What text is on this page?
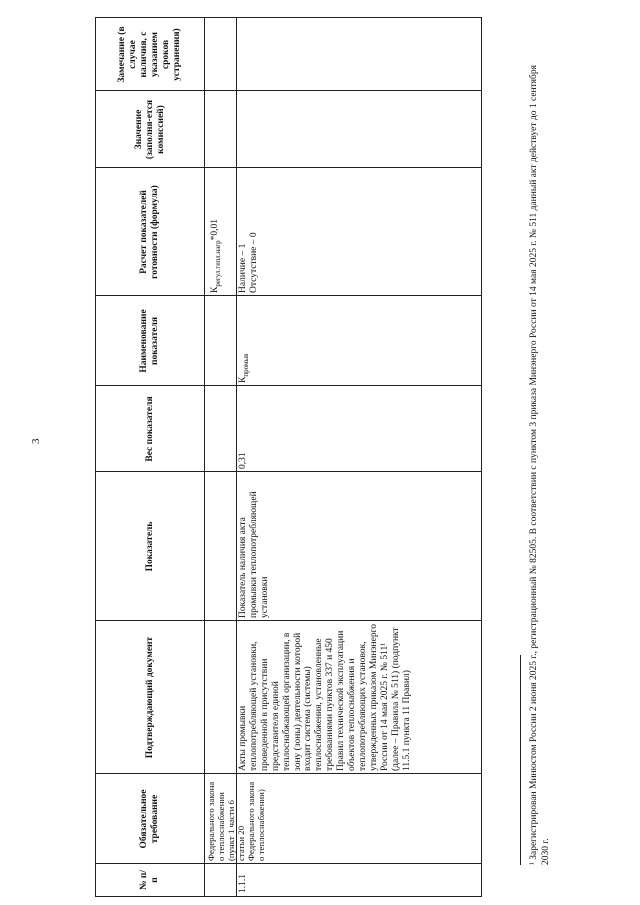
3
№ п/п
Обязательное требование
Подтверждающий документ
Показатель
Вес показателя
Наименование показателя
Расчет показателей готовности (формула)
Значение (заполня-ется комиссией)
Замечание (в случае наличия, с указанием сроков устранения)
Федерального закона о теплоснабжении (пункт 1 части 6 статьи 20 Федерального закона о теплоснабжении)
$К_{регул.тепл.нагр}*0,01$
1.1.1
Акты промывки теплопотребляющей установки, проведенной в присутствии представителя единой теплоснабжающей организации, в зону (зоны) деятельности которой входит система (системы) теплоснабжения, установленные требованиями пунктов 337 и 450 Правил технической эксплуатации объектов теплоснабжения и теплопотребляющих установок, утвержденных приказом Минэнерго России от 14 мая 2025 г. № 511¹ (далее – Правила № 511) (подпункт 11.5.1 пункта 11 Правил)
Показатель наличия акта промывки теплопотребляющей установки
0,31
$К_{промыв}$
Наличие – 1 Отсутствие – 0	¹ Зарегистрирован Минюстом России 2 июня 2025 г., регистрационный № 82505. В соответствии с пунктом 3 приказа Минэнерго России от 14 мая 2025 г. № 511 данный акт действует до 1 сентября 2030 г.
